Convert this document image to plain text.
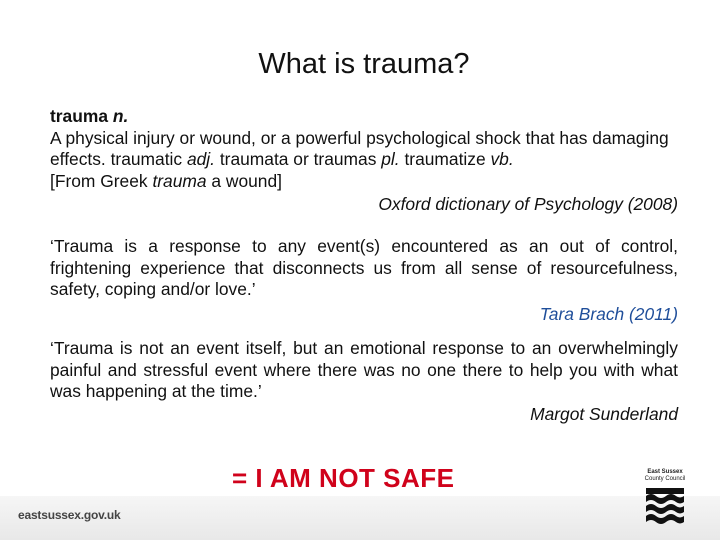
What is trauma?
trauma n.
A physical injury or wound, or a powerful psychological shock that has damaging effects. traumatic adj. traumata or traumas pl. traumatize vb.
[From Greek trauma a wound]
Oxford dictionary of Psychology (2008)
‘Trauma is a response to any event(s) encountered as an out of control, frightening experience that disconnects us from all sense of resourcefulness, safety, coping and/or love.’
Tara Brach (2011)
‘Trauma is not an event itself, but an emotional response to an overwhelmingly painful and stressful event where there was no one there to help you with what was happening at the time.’
Margot Sunderland
= I AM NOT SAFE
eastsussex.gov.uk
East Sussex
County Council
